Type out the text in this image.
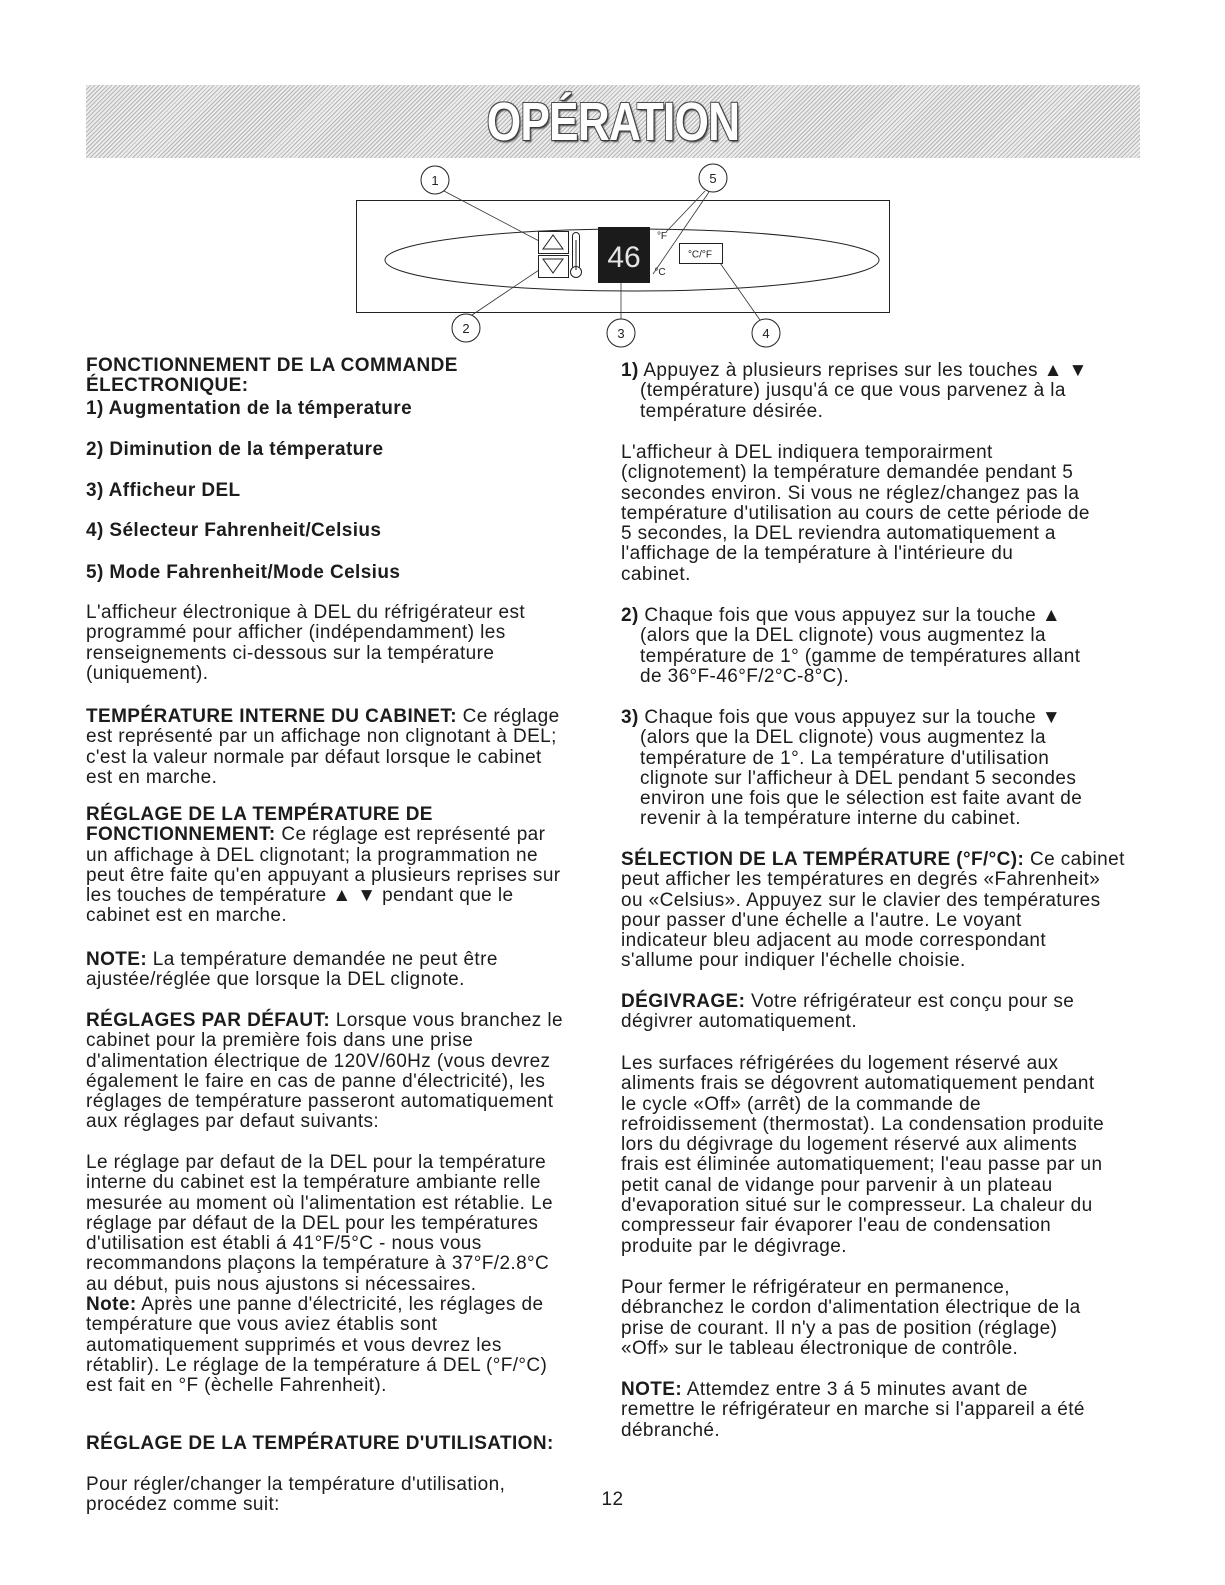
OPÉRATION
46
°F
°C
°C/°F
1
2	3	4
5
FONCTIONNEMENT DE LA COMMANDE
ÉLECTRONIQUE:
1) Augmentation de la témperature
2) Diminution de la témperature
3) Afficheur DEL
4) Sélecteur Fahrenheit/Celsius
5) Mode Fahrenheit/Mode Celsius
L'afficheur électronique à DEL du réfrigérateur est
programmé pour afficher (indépendamment) les
renseignements ci-dessous sur la température
(uniquement).
TEMPÉRATURE INTERNE DU CABINET: Ce réglage
est représenté par un affichage non clignotant à DEL;
c'est la valeur normale par défaut lorsque le cabinet
est en marche.
RÉGLAGE DE LA TEMPÉRATURE DE
FONCTIONNEMENT: Ce réglage est représenté par
un affichage à DEL clignotant; la programmation ne
peut être faite qu'en appuyant a plusieurs reprises sur
les touches de température ▲ ▼ pendant que le
cabinet est en marche.
NOTE: La température demandée ne peut être
ajustée/réglée que lorsque la DEL clignote.
RÉGLAGES PAR DÉFAUT: Lorsque vous branchez le
cabinet pour la première fois dans une prise
d'alimentation électrique de 120V/60Hz (vous devrez
également le faire en cas de panne d'électricité), les
réglages de température passeront automatiquement
aux réglages par defaut suivants:
Le réglage par defaut de la DEL pour la température
interne du cabinet est la température ambiante relle
mesurée au moment où l'alimentation est rétablie. Le
réglage par défaut de la DEL pour les températures
d'utilisation est établi á 41°F/5°C - nous vous
recommandons plaçons la température à 37°F/2.8°C
au début, puis nous ajustons si nécessaires.
Note: Après une panne d'électricité, les réglages de
température que vous aviez établis sont
automatiquement supprimés et vous devrez les
rétablir). Le réglage de la température á DEL (°F/°C)
est fait en °F (èchelle Fahrenheit).

RÉGLAGE DE LA TEMPÉRATURE D'UTILISATION:

Pour régler/changer la température d'utilisation,
procédez comme suit:

1) Appuyez à plusieurs reprises sur les touches ▲ ▼
(température) jusqu'á ce que vous parvenez à la
température désirée.
L'afficheur à DEL indiquera temporairment
(clignotement) la température demandée pendant 5
secondes environ. Si vous ne réglez/changez pas la
température d'utilisation au cours de cette période de
5 secondes, la DEL reviendra automatiquement a
l'affichage de la température à l'intérieure du
cabinet.
2) Chaque fois que vous appuyez sur la touche ▲
(alors que la DEL clignote) vous augmentez la
température de 1° (gamme de températures allant
de 36°F-46°F/2°C-8°C).
3) Chaque fois que vous appuyez sur la touche ▼
(alors que la DEL clignote) vous augmentez la
température de 1°. La température d'utilisation
clignote sur l'afficheur à DEL pendant 5 secondes
environ une fois que le sélection est faite avant de
revenir à la température interne du cabinet.
SÉLECTION DE LA TEMPÉRATURE (°F/°C): Ce cabinet
peut afficher les températures en degrés «Fahrenheit»
ou «Celsius». Appuyez sur le clavier des températures
pour passer d'une échelle a l'autre. Le voyant
indicateur bleu adjacent au mode correspondant
s'allume pour indiquer l'échelle choisie.
DÉGIVRAGE: Votre réfrigérateur est conçu pour se
dégivrer automatiquement.
Les surfaces réfrigérées du logement réservé aux
aliments frais se dégovrent automatiquement pendant
le cycle «Off» (arrêt) de la commande de
refroidissement (thermostat). La condensation produite
lors du dégivrage du logement réservé aux aliments
frais est éliminée automatiquement; l'eau passe par un
petit canal de vidange pour parvenir à un plateau
d'evaporation situé sur le compresseur. La chaleur du
compresseur fair évaporer l'eau de condensation
produite par le dégivrage.
Pour fermer le réfrigérateur en permanence,
débranchez le cordon d'alimentation électrique de la
prise de courant. Il n'y a pas de position (réglage)
«Off» sur le tableau électronique de contrôle.
NOTE: Attemdez entre 3 á 5 minutes avant de
remettre le réfrigérateur en marche si l'appareil a été
débranché.
12
